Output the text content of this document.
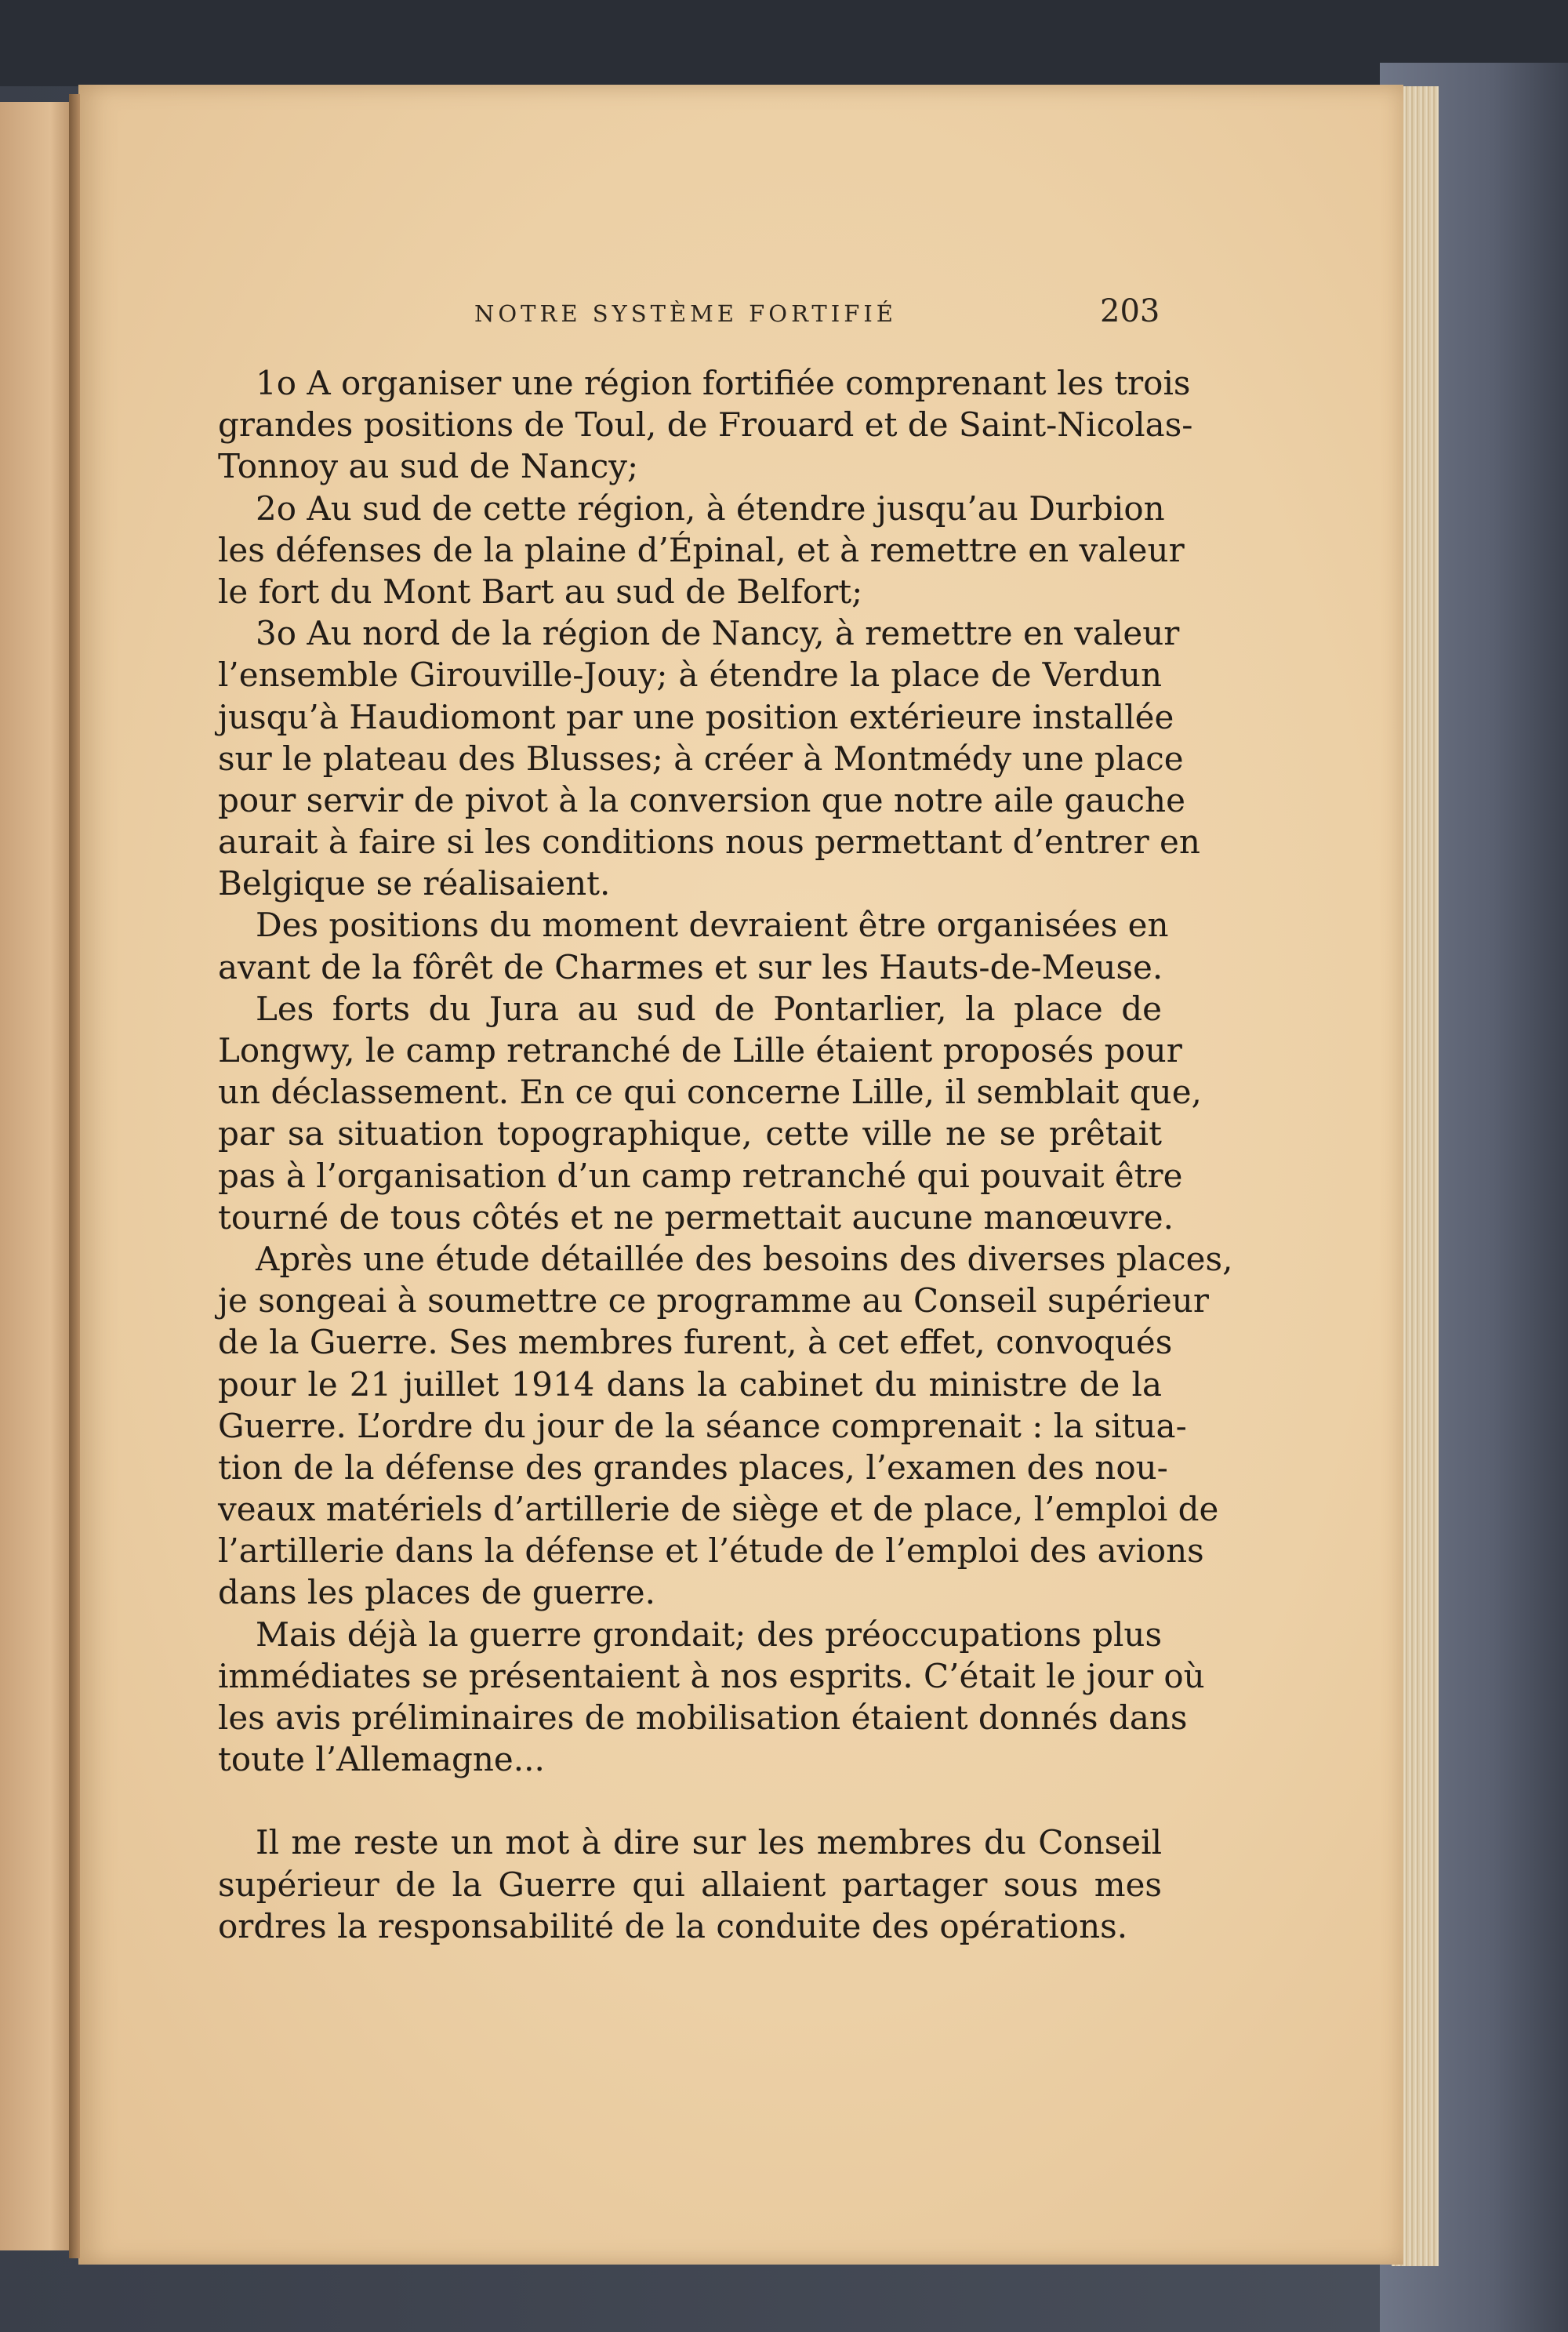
NOTRE SYSTÈME FORTIFIÉ	203
1o A organiser une région fortifiée comprenant les trois
grandes positions de Toul, de Frouard et de Saint-Nicolas-
Tonnoy au sud de Nancy;
2o Au sud de cette région, à étendre jusqu’au Durbion
les défenses de la plaine d’Épinal, et à remettre en valeur
le fort du Mont Bart au sud de Belfort;
3o Au nord de la région de Nancy, à remettre en valeur
l’ensemble Girouville-Jouy; à étendre la place de Verdun
jusqu’à Haudiomont par une position extérieure installée
sur le plateau des Blusses; à créer à Montmédy une place
pour servir de pivot à la conversion que notre aile gauche
aurait à faire si les conditions nous permettant d’entrer en
Belgique se réalisaient.
Des positions du moment devraient être organisées en
avant de la fôrêt de Charmes et sur les Hauts-de-Meuse.
Les forts du Jura au sud de Pontarlier, la place de
Longwy, le camp retranché de Lille étaient proposés pour
un déclassement. En ce qui concerne Lille, il semblait que,
par sa situation topographique, cette ville ne se prêtait
pas à l’organisation d’un camp retranché qui pouvait être
tourné de tous côtés et ne permettait aucune manœuvre.
Après une étude détaillée des besoins des diverses places,
je songeai à soumettre ce programme au Conseil supérieur
de la Guerre. Ses membres furent, à cet effet, convoqués
pour le 21 juillet 1914 dans la cabinet du ministre de la
Guerre. L’ordre du jour de la séance comprenait : la situa-
tion de la défense des grandes places, l’examen des nou-
veaux matériels d’artillerie de siège et de place, l’emploi de
l’artillerie dans la défense et l’étude de l’emploi des avions
dans les places de guerre.
Mais déjà la guerre grondait; des préoccupations plus
immédiates se présentaient à nos esprits. C’était le jour où
les avis préliminaires de mobilisation étaient donnés dans
toute l’Allemagne...
Il me reste un mot à dire sur les membres du Conseil
supérieur de la Guerre qui allaient partager sous mes
ordres la responsabilité de la conduite des opérations.
